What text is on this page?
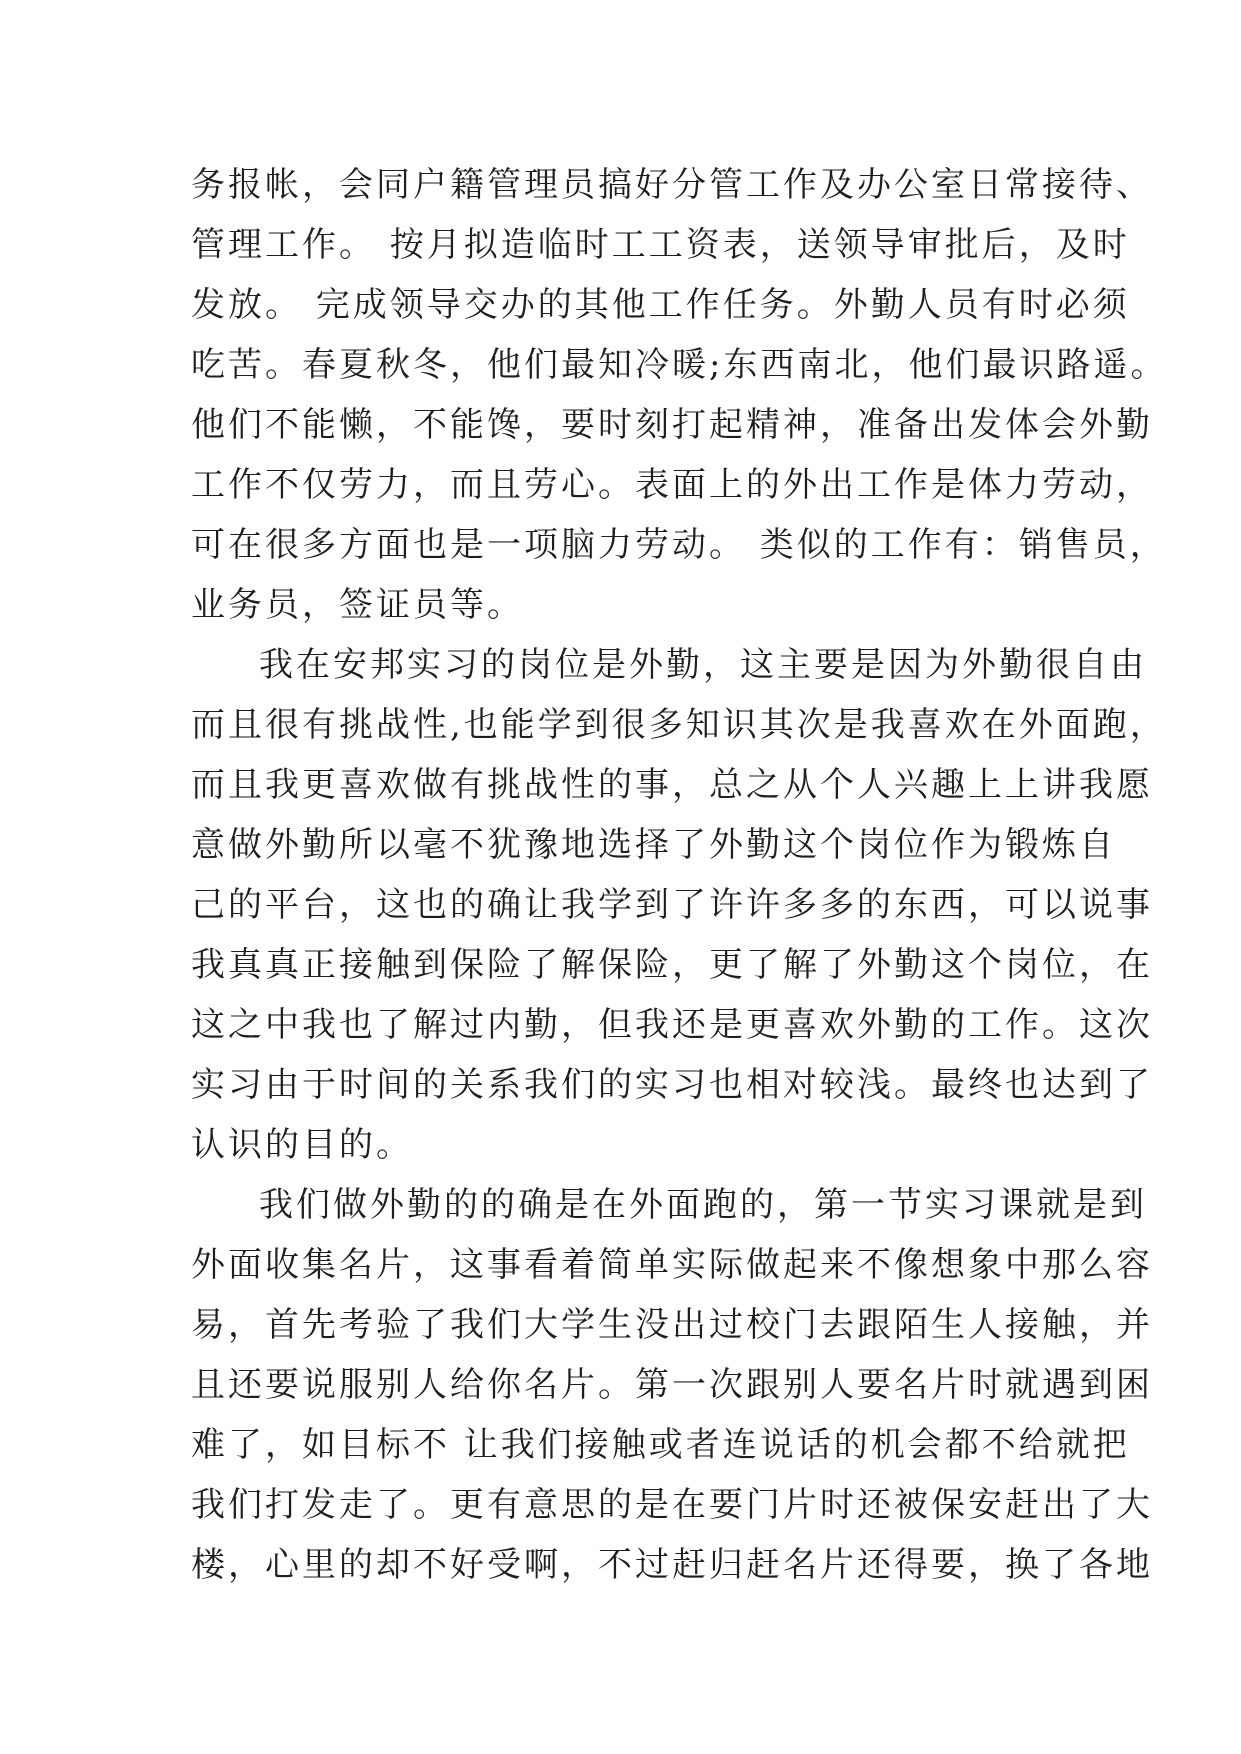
务报帐，会同户籍管理员搞好分管工作及办公室日常接待、
管理工作。 按月拟造临时工工资表，送领导审批后，及时
发放。 完成领导交办的其他工作任务。外勤人员有时必须
吃苦。春夏秋冬，他们最知冷暖;东西南北，他们最识路遥。
他们不能懒，不能馋，要时刻打起精神，准备出发体会外勤
工作不仅劳力，而且劳心。表面上的外出工作是体力劳动，
可在很多方面也是一项脑力劳动。 类似的工作有：销售员，
业务员，签证员等。
我在安邦实习的岗位是外勤，这主要是因为外勤很自由
而且很有挑战性,也能学到很多知识其次是我喜欢在外面跑，
而且我更喜欢做有挑战性的事，总之从个人兴趣上上讲我愿
意做外勤所以毫不犹豫地选择了外勤这个岗位作为锻炼自
己的平台，这也的确让我学到了许许多多的东西，可以说事
我真真正接触到保险了解保险，更了解了外勤这个岗位，在
这之中我也了解过内勤，但我还是更喜欢外勤的工作。这次
实习由于时间的关系我们的实习也相对较浅。最终也达到了
认识的目的。
我们做外勤的的确是在外面跑的，第一节实习课就是到
外面收集名片，这事看着简单实际做起来不像想象中那么容
易，首先考验了我们大学生没出过校门去跟陌生人接触，并
且还要说服别人给你名片。第一次跟别人要名片时就遇到困
难了，如目标不 让我们接触或者连说话的机会都不给就把
我们打发走了。更有意思的是在要门片时还被保安赶出了大
楼，心里的却不好受啊，不过赶归赶名片还得要，换了各地
